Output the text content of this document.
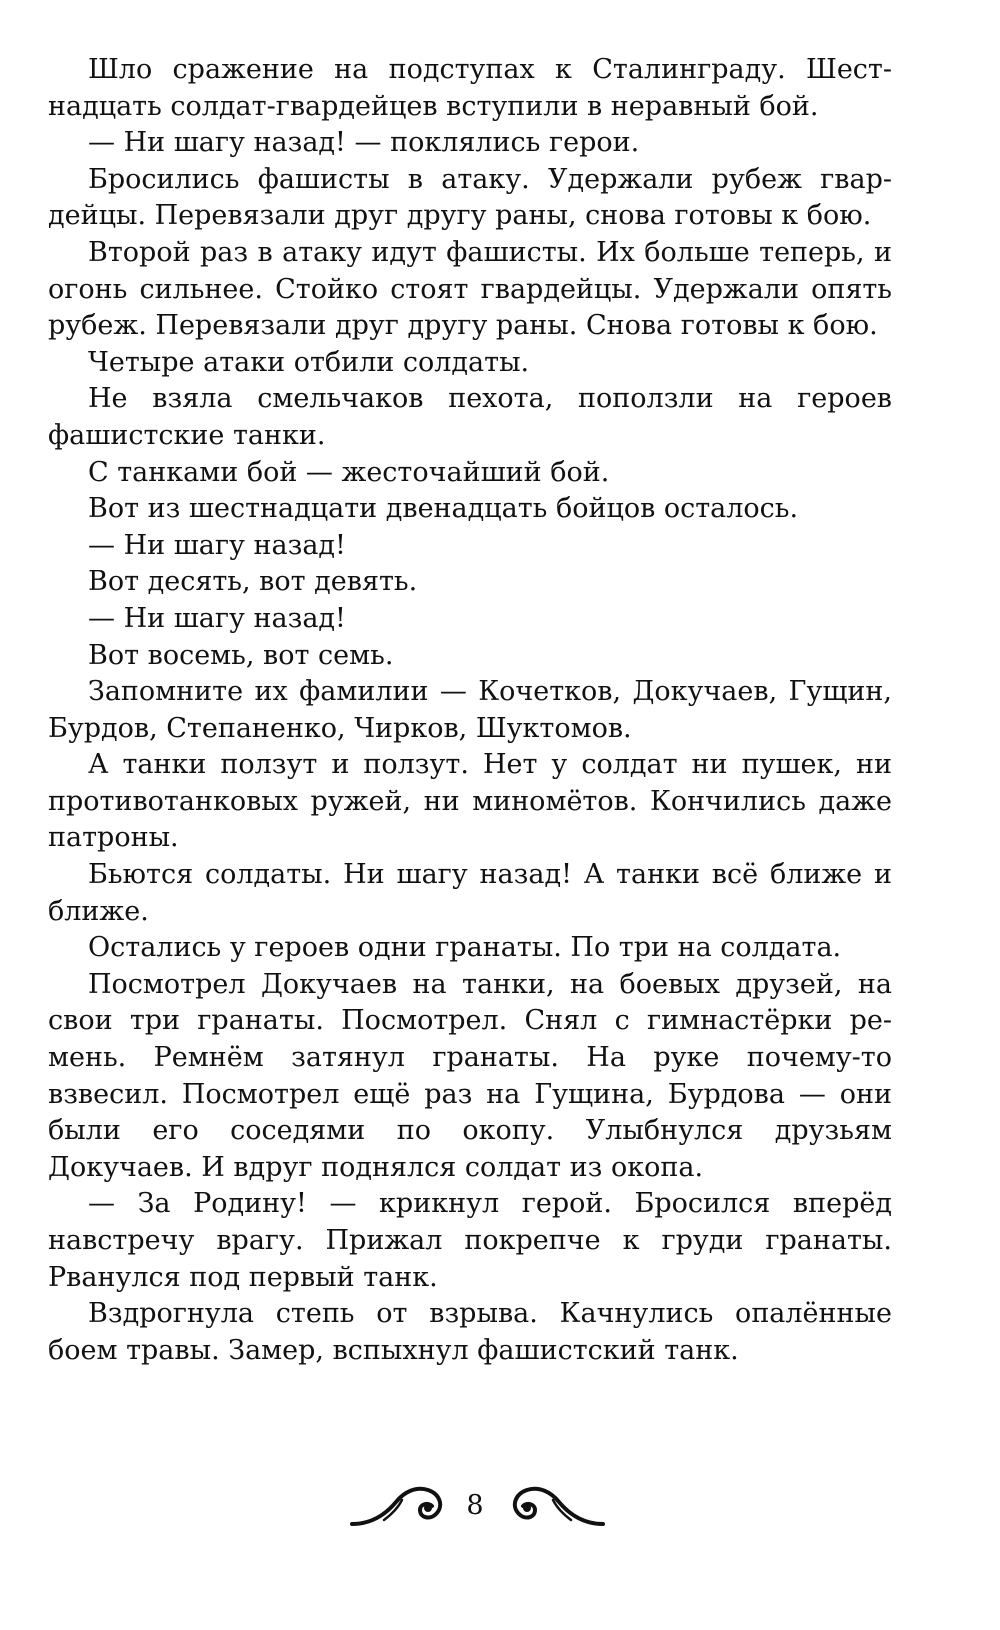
Шло сражение на подступах к Сталинграду. Шестнадцать солдат-гвардейцев вступили в неравный бой.

— Ни шагу назад! — поклялись герои.

Бросились фашисты в атаку. Удержали рубеж гвардейцы. Перевязали друг другу раны, снова готовы к бою.

Второй раз в атаку идут фашисты. Их больше теперь, и огонь сильнее. Стойко стоят гвардейцы. Удержали опять рубеж. Перевязали друг другу раны. Снова готовы к бою.

Четыре атаки отбили солдаты.

Не взяла смельчаков пехота, поползли на героев фашистские танки.

С танками бой — жесточайший бой.

Вот из шестнадцати двенадцать бойцов осталось.

— Ни шагу назад!

Вот десять, вот девять.

— Ни шагу назад!

Вот восемь, вот семь.

Запомните их фамилии — Кочетков, Докучаев, Гущин, Бурдов, Степаненко, Чирков, Шуктомов.

А танки ползут и ползут. Нет у солдат ни пушек, ни противотанковых ружей, ни миномётов. Кончились даже патроны.

Бьются солдаты. Ни шагу назад! А танки всё ближе и ближе.

Остались у героев одни гранаты. По три на солдата.

Посмотрел Докучаев на танки, на боевых друзей, на свои три гранаты. Посмотрел. Снял с гимнастёрки ремень. Ремнём затянул гранаты. На руке почему-то взвесил. Посмотрел ещё раз на Гущина, Бурдова — они были его соседями по окопу. Улыбнулся друзьям Докучаев. И вдруг поднялся солдат из окопа.

— За Родину! — крикнул герой. Бросился вперёд навстречу врагу. Прижал покрепче к груди гранаты. Рванулся под первый танк.

Вздрогнула степь от взрыва. Качнулись опалённые боем травы. Замер, вспыхнул фашистский танк.

8
